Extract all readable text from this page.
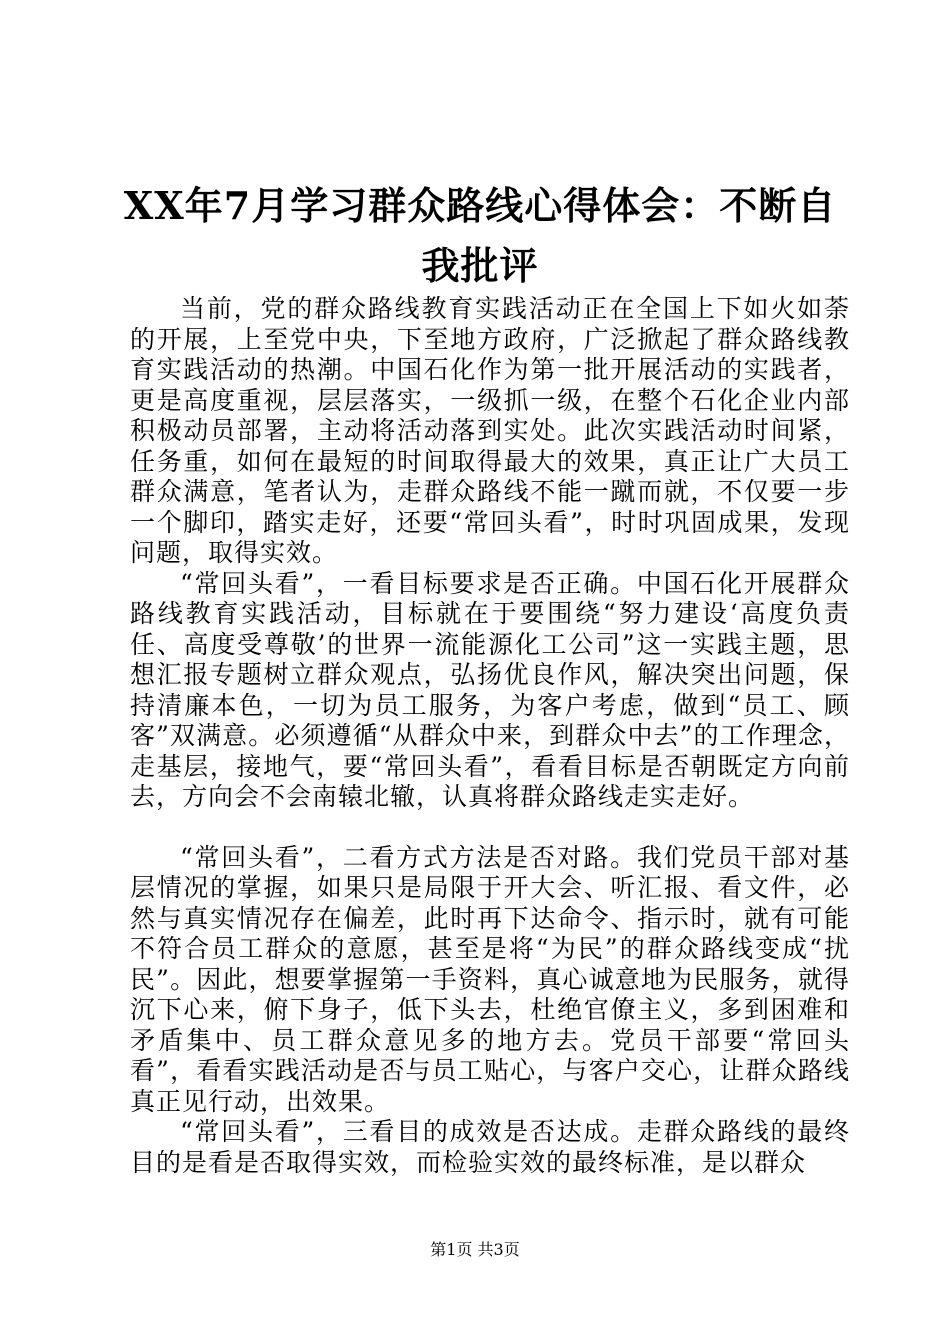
XX年7月学习群众路线心得体会：不断自我批评

当前，党的群众路线教育实践活动正在全国上下如火如荼的开展，上至党中央，下至地方政府，广泛掀起了群众路线教育实践活动的热潮。中国石化作为第一批开展活动的实践者，更是高度重视，层层落实，一级抓一级，在整个石化企业内部积极动员部署，主动将活动落到实处。此次实践活动时间紧，任务重，如何在最短的时间取得最大的效果，真正让广大员工群众满意，笔者认为，走群众路线不能一蹴而就，不仅要一步一个脚印，踏实走好，还要“常回头看”，时时巩固成果，发现问题，取得实效。

“常回头看”，一看目标要求是否正确。中国石化开展群众路线教育实践活动，目标就在于要围绕“努力建设‘高度负责任、高度受尊敬’的世界一流能源化工公司”这一实践主题，思想汇报专题树立群众观点，弘扬优良作风，解决突出问题，保持清廉本色，一切为员工服务，为客户考虑，做到“员工、顾客”双满意。必须遵循“从群众中来，到群众中去”的工作理念，走基层，接地气，要“常回头看”，看看目标是否朝既定方向前去，方向会不会南辕北辙，认真将群众路线走实走好。

“常回头看”，二看方式方法是否对路。我们党员干部对基层情况的掌握，如果只是局限于开大会、听汇报、看文件，必然与真实情况存在偏差，此时再下达命令、指示时，就有可能不符合员工群众的意愿，甚至是将“为民”的群众路线变成“扰民”。因此，想要掌握第一手资料，真心诚意地为民服务，就得沉下心来，俯下身子，低下头去，杜绝官僚主义，多到困难和矛盾集中、员工群众意见多的地方去。党员干部要“常回头看”，看看实践活动是否与员工贴心，与客户交心，让群众路线真正见行动，出效果。

“常回头看”，三看目的成效是否达成。走群众路线的最终目的是看是否取得实效，而检验实效的最终标准，是以群众

第1页 共3页
